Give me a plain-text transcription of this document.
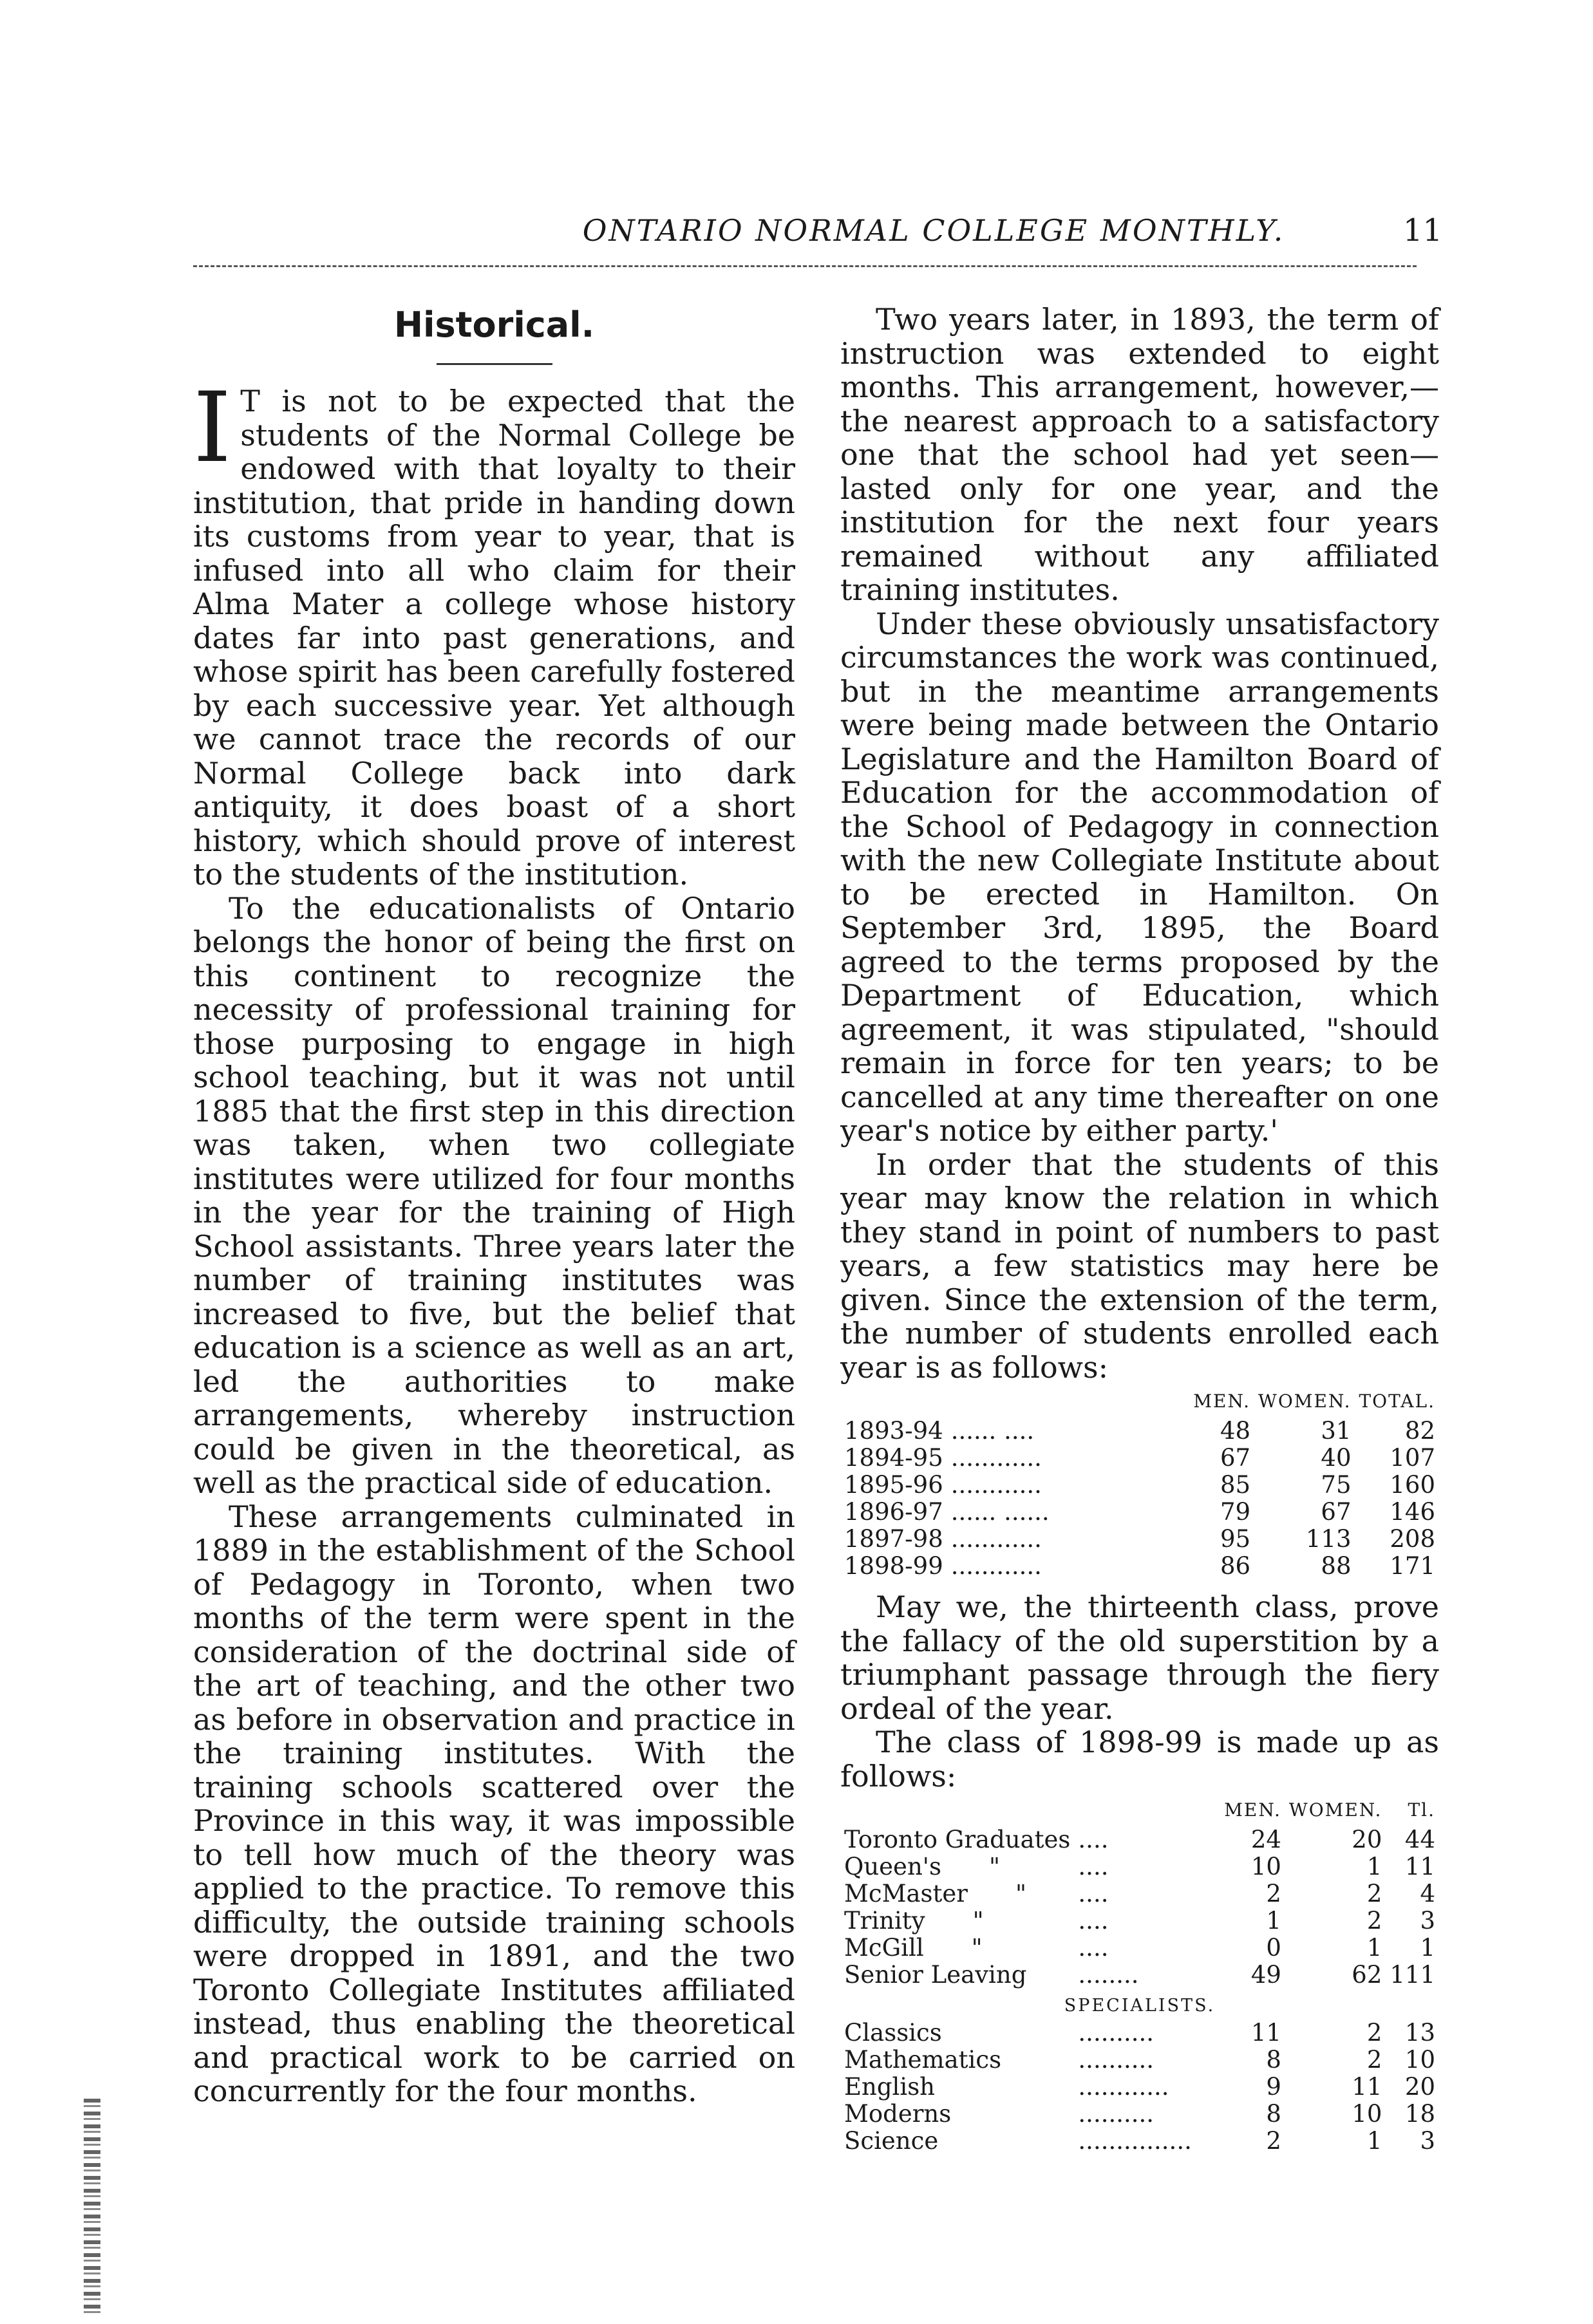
ONTARIO NORMAL COLLEGE MONTHLY.	11
Historical.
I T is not to be expected that the students of the Normal College be endowed with that loyalty to their institution, that pride in handing down its customs from year to year, that is infused into all who claim for their Alma Mater a college whose history dates far into past generations, and whose spirit has been carefully fostered by each successive year. Yet although we cannot trace the records of our Normal College back into dark antiquity, it does boast of a short history, which should prove of interest to the students of the institution.

To the educationalists of Ontario belongs the honor of being the first on this continent to recognize the necessity of professional training for those purposing to engage in high school teaching, but it was not until 1885 that the first step in this direction was taken, when two collegiate institutes were utilized for four months in the year for the training of High School assistants. Three years later the number of training institutes was increased to five, but the belief that education is a science as well as an art, led the authorities to make arrangements, whereby instruction could be given in the theoretical, as well as the practical side of education.

These arrangements culminated in 1889 in the establishment of the School of Pedagogy in Toronto, when two months of the term were spent in the consideration of the doctrinal side of the art of teaching, and the other two as before in observation and practice in the training institutes. With the training schools scattered over the Province in this way, it was impossible to tell how much of the theory was applied to the practice. To remove this difficulty, the outside training schools were dropped in 1891, and the two Toronto Collegiate Institutes affiliated instead, thus enabling the theoretical and practical work to be carried on concurrently for the four months.

Two years later, in 1893, the term of instruction was extended to eight months. This arrangement, however,—the nearest approach to a satisfactory one that the school had yet seen—lasted only for one year, and the institution for the next four years remained without any affiliated training institutes.

Under these obviously unsatisfactory circumstances the work was continued, but in the meantime arrangements were being made between the Ontario Legislature and the Hamilton Board of Education for the accommodation of the School of Pedagogy in connection with the new Collegiate Institute about to be erected in Hamilton. On September 3rd, 1895, the Board agreed to the terms proposed by the Department of Education, which agreement, it was stipulated, "should remain in force for ten years; to be cancelled at any time thereafter on one year's notice by either party.'

In order that the students of this year may know the relation in which they stand in point of numbers to past years, a few statistics may here be given. Since the extension of the term, the number of students enrolled each year is as follows:

		MEN.	WOMEN.	TOTAL.
1893-94	...... ....	48	31	82
1894-95	............	67	40	107
1895-96	............	85	75	160
1896-97	...... ......	79	67	146
1897-98	............	95	113	208
1898-99	............	86	88	171

May we, the thirteenth class, prove the fallacy of the old superstition by a triumphant passage through the fiery ordeal of the year.

The class of 1898-99 is made up as follows:

		MEN.	WOMEN.	Tl.
Toronto Graduates	....	24	20	44
Queen's   "	....	10	1	11
McMaster   "	....	2	2	4
Trinity   "	....	1	2	3
McGill   "	....	0	1	1
Senior Leaving	........	49	62	111
SPECIALISTS.				
Classics	..........	11	2	13
Mathematics	..........	8	2	10
English	............	9	11	20
Moderns	..........	8	10	18
Science	...............	2	1	3
